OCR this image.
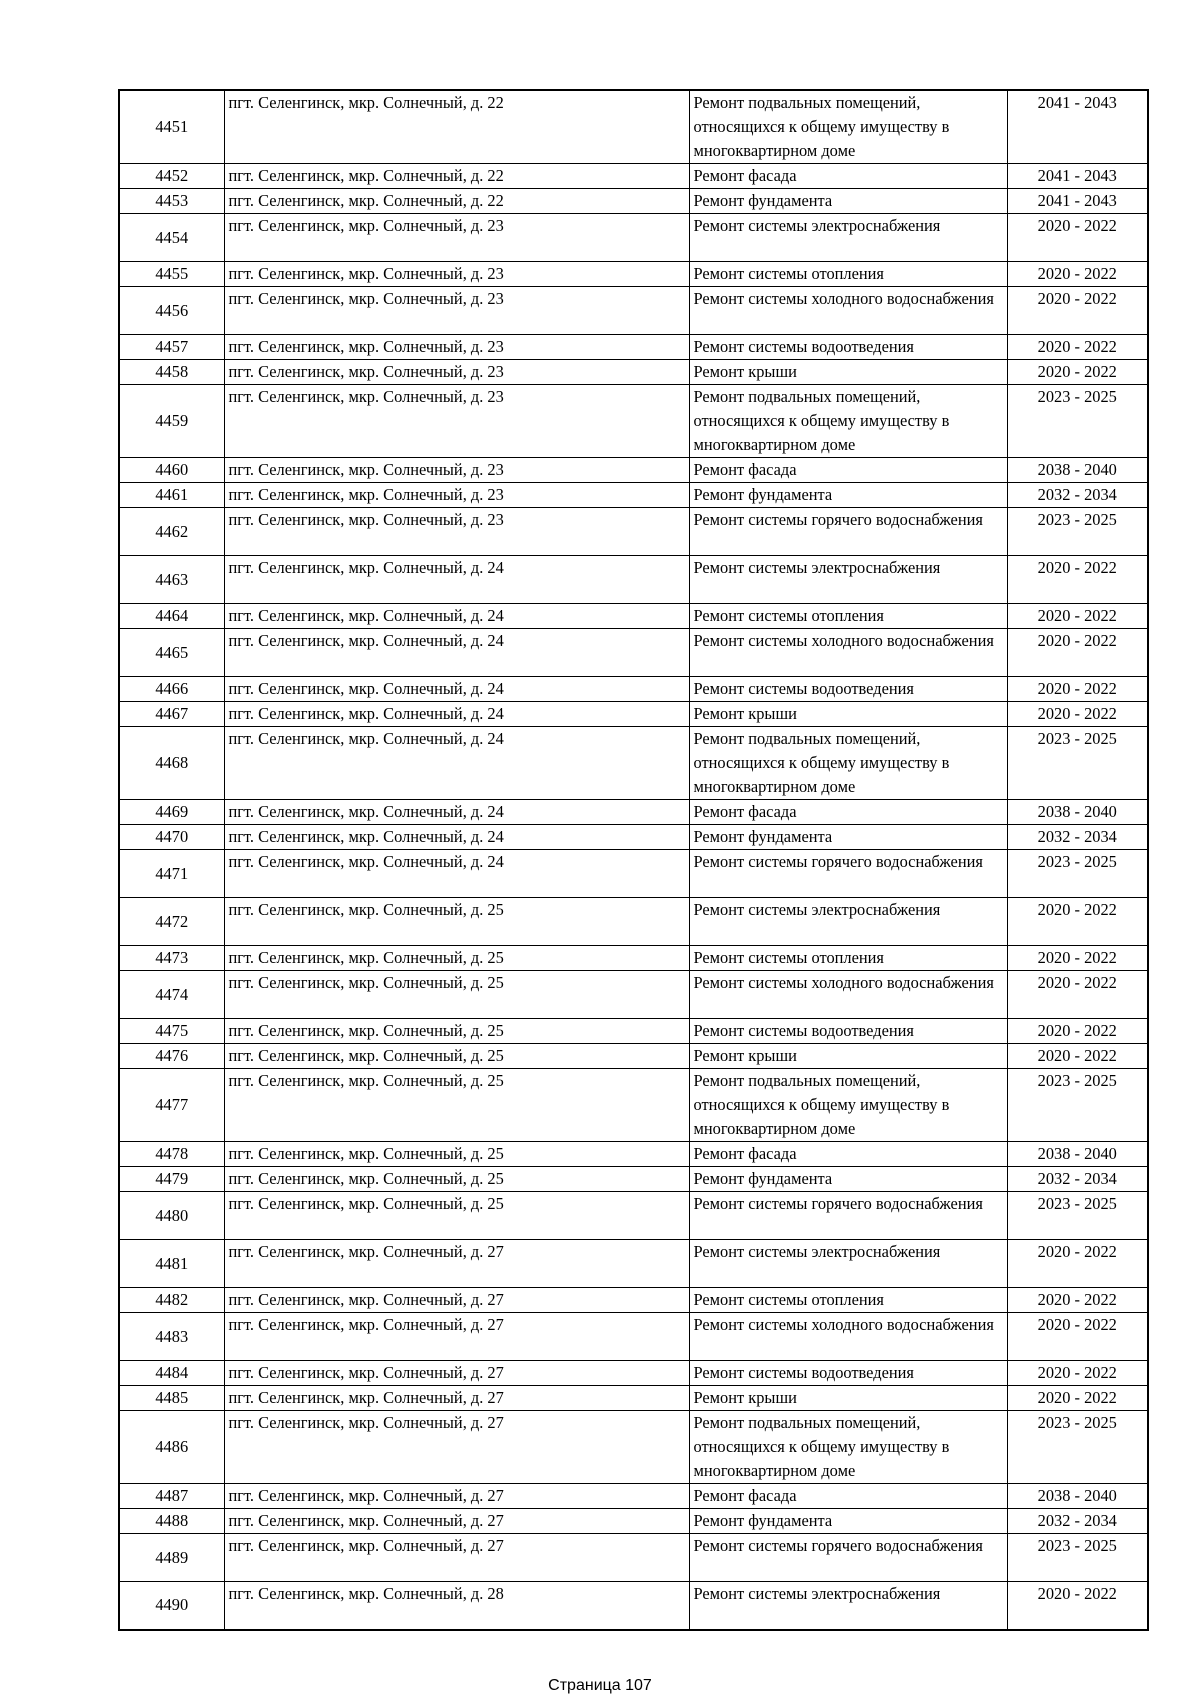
4451	пгт. Селенгинск, мкр. Солнечный, д. 22	Ремонт подвальных помещений, относящихся к общему имуществу в многоквартирном доме	2041 - 2043
4452	пгт. Селенгинск, мкр. Солнечный, д. 22	Ремонт фасада	2041 - 2043
4453	пгт. Селенгинск, мкр. Солнечный, д. 22	Ремонт фундамента	2041 - 2043
4454	пгт. Селенгинск, мкр. Солнечный, д. 23	Ремонт системы электроснабжения	2020 - 2022
4455	пгт. Селенгинск, мкр. Солнечный, д. 23	Ремонт системы отопления	2020 - 2022
4456	пгт. Селенгинск, мкр. Солнечный, д. 23	Ремонт системы холодного водоснабжения	2020 - 2022
4457	пгт. Селенгинск, мкр. Солнечный, д. 23	Ремонт системы водоотведения	2020 - 2022
4458	пгт. Селенгинск, мкр. Солнечный, д. 23	Ремонт крыши	2020 - 2022
4459	пгт. Селенгинск, мкр. Солнечный, д. 23	Ремонт подвальных помещений, относящихся к общему имуществу в многоквартирном доме	2023 - 2025
4460	пгт. Селенгинск, мкр. Солнечный, д. 23	Ремонт фасада	2038 - 2040
4461	пгт. Селенгинск, мкр. Солнечный, д. 23	Ремонт фундамента	2032 - 2034
4462	пгт. Селенгинск, мкр. Солнечный, д. 23	Ремонт системы горячего водоснабжения	2023 - 2025
4463	пгт. Селенгинск, мкр. Солнечный, д. 24	Ремонт системы электроснабжения	2020 - 2022
4464	пгт. Селенгинск, мкр. Солнечный, д. 24	Ремонт системы отопления	2020 - 2022
4465	пгт. Селенгинск, мкр. Солнечный, д. 24	Ремонт системы холодного водоснабжения	2020 - 2022
4466	пгт. Селенгинск, мкр. Солнечный, д. 24	Ремонт системы водоотведения	2020 - 2022
4467	пгт. Селенгинск, мкр. Солнечный, д. 24	Ремонт крыши	2020 - 2022
4468	пгт. Селенгинск, мкр. Солнечный, д. 24	Ремонт подвальных помещений, относящихся к общему имуществу в многоквартирном доме	2023 - 2025
4469	пгт. Селенгинск, мкр. Солнечный, д. 24	Ремонт фасада	2038 - 2040
4470	пгт. Селенгинск, мкр. Солнечный, д. 24	Ремонт фундамента	2032 - 2034
4471	пгт. Селенгинск, мкр. Солнечный, д. 24	Ремонт системы горячего водоснабжения	2023 - 2025
4472	пгт. Селенгинск, мкр. Солнечный, д. 25	Ремонт системы электроснабжения	2020 - 2022
4473	пгт. Селенгинск, мкр. Солнечный, д. 25	Ремонт системы отопления	2020 - 2022
4474	пгт. Селенгинск, мкр. Солнечный, д. 25	Ремонт системы холодного водоснабжения	2020 - 2022
4475	пгт. Селенгинск, мкр. Солнечный, д. 25	Ремонт системы водоотведения	2020 - 2022
4476	пгт. Селенгинск, мкр. Солнечный, д. 25	Ремонт крыши	2020 - 2022
4477	пгт. Селенгинск, мкр. Солнечный, д. 25	Ремонт подвальных помещений, относящихся к общему имуществу в многоквартирном доме	2023 - 2025
4478	пгт. Селенгинск, мкр. Солнечный, д. 25	Ремонт фасада	2038 - 2040
4479	пгт. Селенгинск, мкр. Солнечный, д. 25	Ремонт фундамента	2032 - 2034
4480	пгт. Селенгинск, мкр. Солнечный, д. 25	Ремонт системы горячего водоснабжения	2023 - 2025
4481	пгт. Селенгинск, мкр. Солнечный, д. 27	Ремонт системы электроснабжения	2020 - 2022
4482	пгт. Селенгинск, мкр. Солнечный, д. 27	Ремонт системы отопления	2020 - 2022
4483	пгт. Селенгинск, мкр. Солнечный, д. 27	Ремонт системы холодного водоснабжения	2020 - 2022
4484	пгт. Селенгинск, мкр. Солнечный, д. 27	Ремонт системы водоотведения	2020 - 2022
4485	пгт. Селенгинск, мкр. Солнечный, д. 27	Ремонт крыши	2020 - 2022
4486	пгт. Селенгинск, мкр. Солнечный, д. 27	Ремонт подвальных помещений, относящихся к общему имуществу в многоквартирном доме	2023 - 2025
4487	пгт. Селенгинск, мкр. Солнечный, д. 27	Ремонт фасада	2038 - 2040
4488	пгт. Селенгинск, мкр. Солнечный, д. 27	Ремонт фундамента	2032 - 2034
4489	пгт. Селенгинск, мкр. Солнечный, д. 27	Ремонт системы горячего водоснабжения	2023 - 2025
4490	пгт. Селенгинск, мкр. Солнечный, д. 28	Ремонт системы электроснабжения	2020 - 2022
Страница 107
